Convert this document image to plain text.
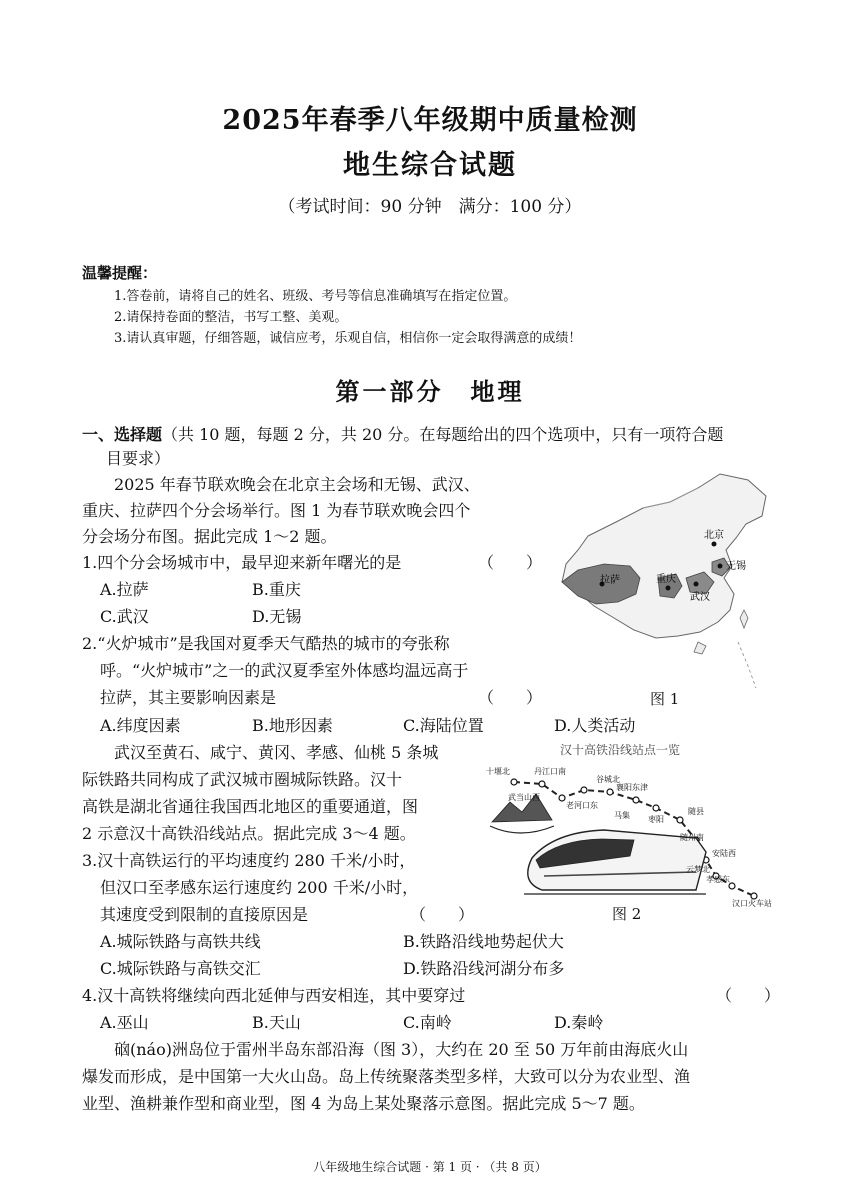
2025年春季八年级期中质量检测
地生综合试题
（考试时间：90 分钟　满分：100 分）
温馨提醒：
1.答卷前，请将自己的姓名、班级、考号等信息准确填写在指定位置。
2.请保持卷面的整洁，书写工整、美观。
3.请认真审题，仔细答题，诚信应考，乐观自信，相信你一定会取得满意的成绩！
第一部分　地理
一、选择题（共 10 题，每题 2 分，共 20 分。在每题给出的四个选项中，只有一项符合题
目要求）
2025 年春节联欢晚会在北京主会场和无锡、武汉、
重庆、拉萨四个分会场举行。图 1 为春节联欢晚会四个
分会场分布图。据此完成 1～2 题。
1.四个分会场城市中，最早迎来新年曙光的是	（　　）
A.拉萨	B.重庆
C.武汉	D.无锡
2.“火炉城市”是我国对夏季天气酷热的城市的夸张称
呼。“火炉城市”之一的武汉夏季室外体感均温远高于
拉萨，其主要影响因素是	（　　）
A.纬度因素	B.地形因素	C.海陆位置	D.人类活动
北京
拉萨	重庆
武汉
无锡
图 1
武汉至黄石、咸宁、黄冈、孝感、仙桃 5 条城
际铁路共同构成了武汉城市圈城际铁路。汉十
高铁是湖北省通往我国西北地区的重要通道，图
2 示意汉十高铁沿线站点。据此完成 3～4 题。
汉十高铁沿线站点一览
十堰北	丹江口南
谷城北
武当山西
老河口东
襄阳东津
马集 枣阳
随县
随州南
安陆西
云梦北
孝感东
汉口火车站
图 2
3.汉十高铁运行的平均速度约 280 千米/小时，
但汉口至孝感东运行速度约 200 千米/小时，
其速度受到限制的直接原因是	（　　）
A.城际铁路与高铁共线	B.铁路沿线地势起伏大
C.城际铁路与高铁交汇	D.铁路沿线河湖分布多
4.汉十高铁将继续向西北延伸与西安相连，其中要穿过	（　　）
A.巫山	B.天山	C.南岭	D.秦岭
硇(náo)洲岛位于雷州半岛东部沿海（图 3），大约在 20 至 50 万年前由海底火山
爆发而形成，是中国第一大火山岛。岛上传统聚落类型多样，大致可以分为农业型、渔
业型、渔耕兼作型和商业型，图 4 为岛上某处聚落示意图。据此完成 5～7 题。
八年级地生综合试题 · 第 1 页 · （共 8 页）
